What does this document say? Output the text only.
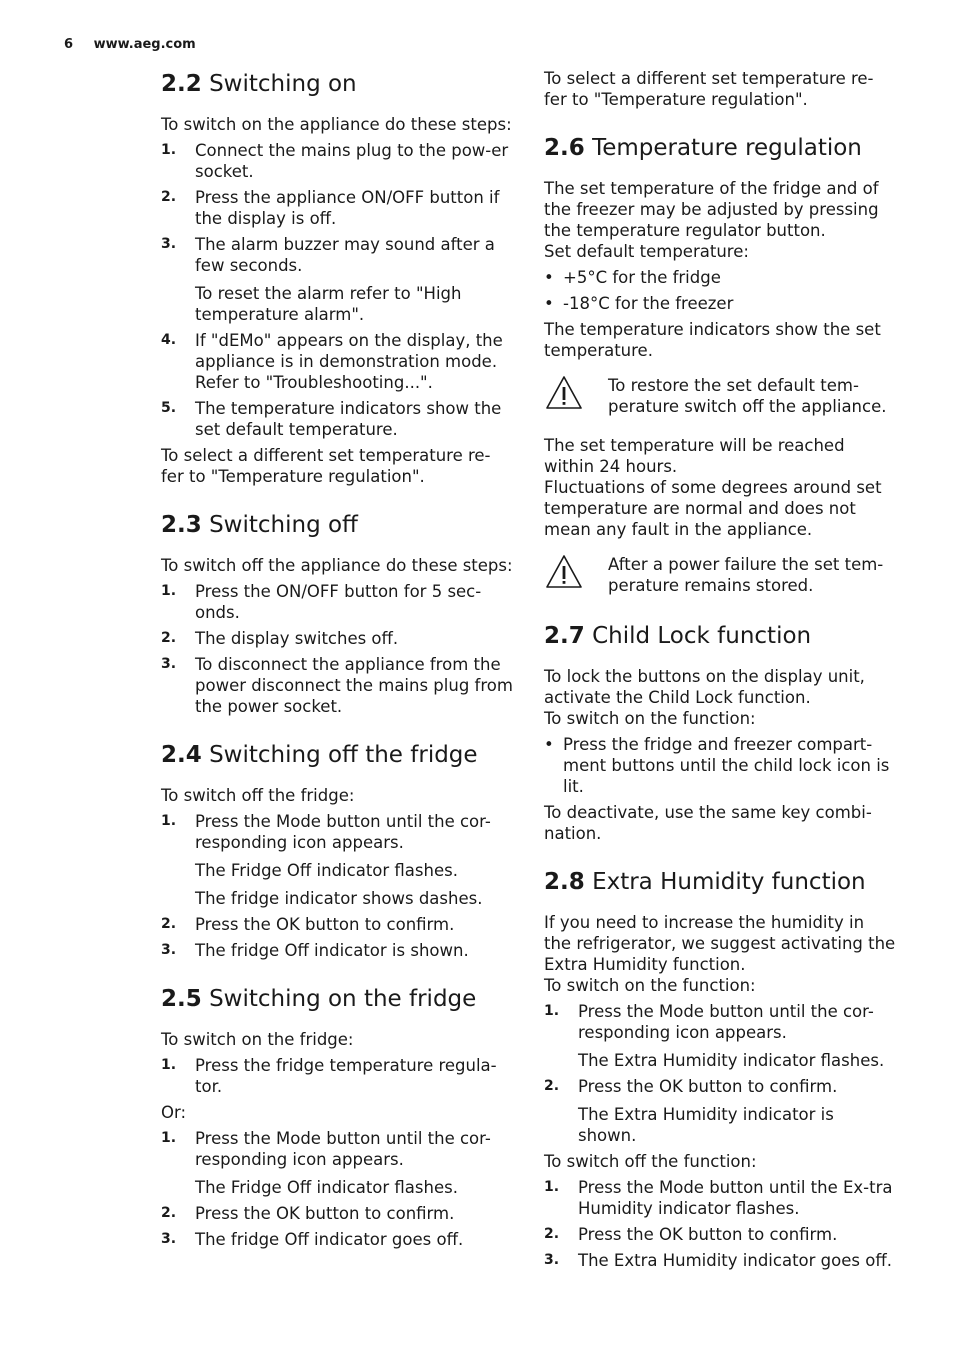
6 www.aeg.com
2.2 Switching on

To switch on the appliance do these steps:

1. Connect the mains plug to the pow-er socket.
2. Press the appliance ON/OFF button if the display is off.
3. The alarm buzzer may sound after a few seconds.

To reset the alarm refer to "High temperature alarm".

4. If "dEMo" appears on the display, the appliance is in demonstration mode. Refer to "Troubleshooting...".
5. The temperature indicators show the set default temperature.

To select a different set temperature re-fer to "Temperature regulation".

2.3 Switching off

To switch off the appliance do these steps:

1. Press the ON/OFF button for 5 sec-onds.
2. The display switches off.
3. To disconnect the appliance from the power disconnect the mains plug from the power socket.
2.4 Switching off the fridge

To switch off the fridge:

1. Press the Mode button until the cor-responding icon appears.

The Fridge Off indicator flashes.

The fridge indicator shows dashes.

2. Press the OK button to confirm.
3. The fridge Off indicator is shown.
2.5 Switching on the fridge

To switch on the fridge:

1. Press the fridge temperature regula-tor.

Or:

1. Press the Mode button until the cor-responding icon appears.

The Fridge Off indicator flashes.

2. Press the OK button to confirm.
3. The fridge Off indicator goes off.

To select a different set temperature re-fer to "Temperature regulation".

2.6 Temperature regulation

The set temperature of the fridge and of the freezer may be adjusted by pressing the temperature regulator button.

Set default temperature:

• +5°C for the fridge
• -18°C for the freezer

The temperature indicators show the set temperature.

To restore the set default tem-perature switch off the appliance.

The set temperature will be reached within 24 hours.

Fluctuations of some degrees around set temperature are normal and does not mean any fault in the appliance.

After a power failure the set tem-perature remains stored.

2.7 Child Lock function

To lock the buttons on the display unit, activate the Child Lock function.

To switch on the function:

• Press the fridge and freezer compart-ment buttons until the child lock icon is lit.

To deactivate, use the same key combi-nation.

2.8 Extra Humidity function

If you need to increase the humidity in the refrigerator, we suggest activating the Extra Humidity function.

To switch on the function:

1. Press the Mode button until the cor-responding icon appears.

The Extra Humidity indicator flashes.

2. Press the OK button to confirm.

The Extra Humidity indicator is shown.

To switch off the function:

1. Press the Mode button until the Ex-tra Humidity indicator flashes.
2. Press the OK button to confirm.
3. The Extra Humidity indicator goes off.
